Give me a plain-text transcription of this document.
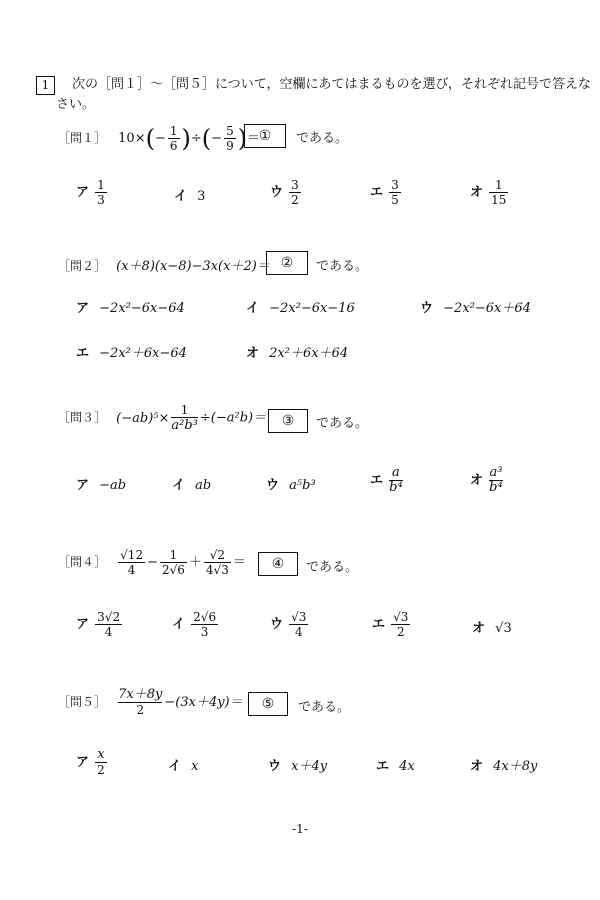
1	次の［問１］～［問５］について，空欄にあてはまるものを選び，それぞれ記号で答えな
さい。
［問１］ $10\times(- \frac{1}{6}$ )÷(− $\frac{5}{9}$ )＝
①	である。
ア $\frac{1}{3}$	イ 3	ウ $\frac{3}{2}$	エ $\frac{3}{5}$	オ $\frac{1}{15}$
［問２］ (x＋8)(x−8)−3x(x＋2)＝ ②	である。
ア −2x²−6x−64	イ −2x²−6x−16	ウ −2x²−6x＋64
エ −2x²＋6x−64	オ 2x²＋6x＋64
［問３］ $(-ab)^5\times \frac{1}{\text{a²b³}} \div(-a^2b)=$	③	である。
ア −ab	イ ab	ウ a⁵b³	エ $\frac{a}{\text{b⁴}}$	オ $\frac{\text{a³}}{\text{b⁴}}$
［問４］ $\frac{√12}{4} - \frac{1}{2√6} + \frac{√2}{4√3}$ ＝	④	である。
ア $\frac{3√2}{4}$	イ $\frac{2√6}{3}$	ウ $\frac{√3}{4}$	エ $\frac{√3}{2}$	オ √3
［問５］ $\frac{7x+8y}{2} -(3x+4y)=$	⑤	である。
ア $\frac{x}{2}$	イ x	ウ x＋4y	エ 4x	オ 4x＋8y
-1-
